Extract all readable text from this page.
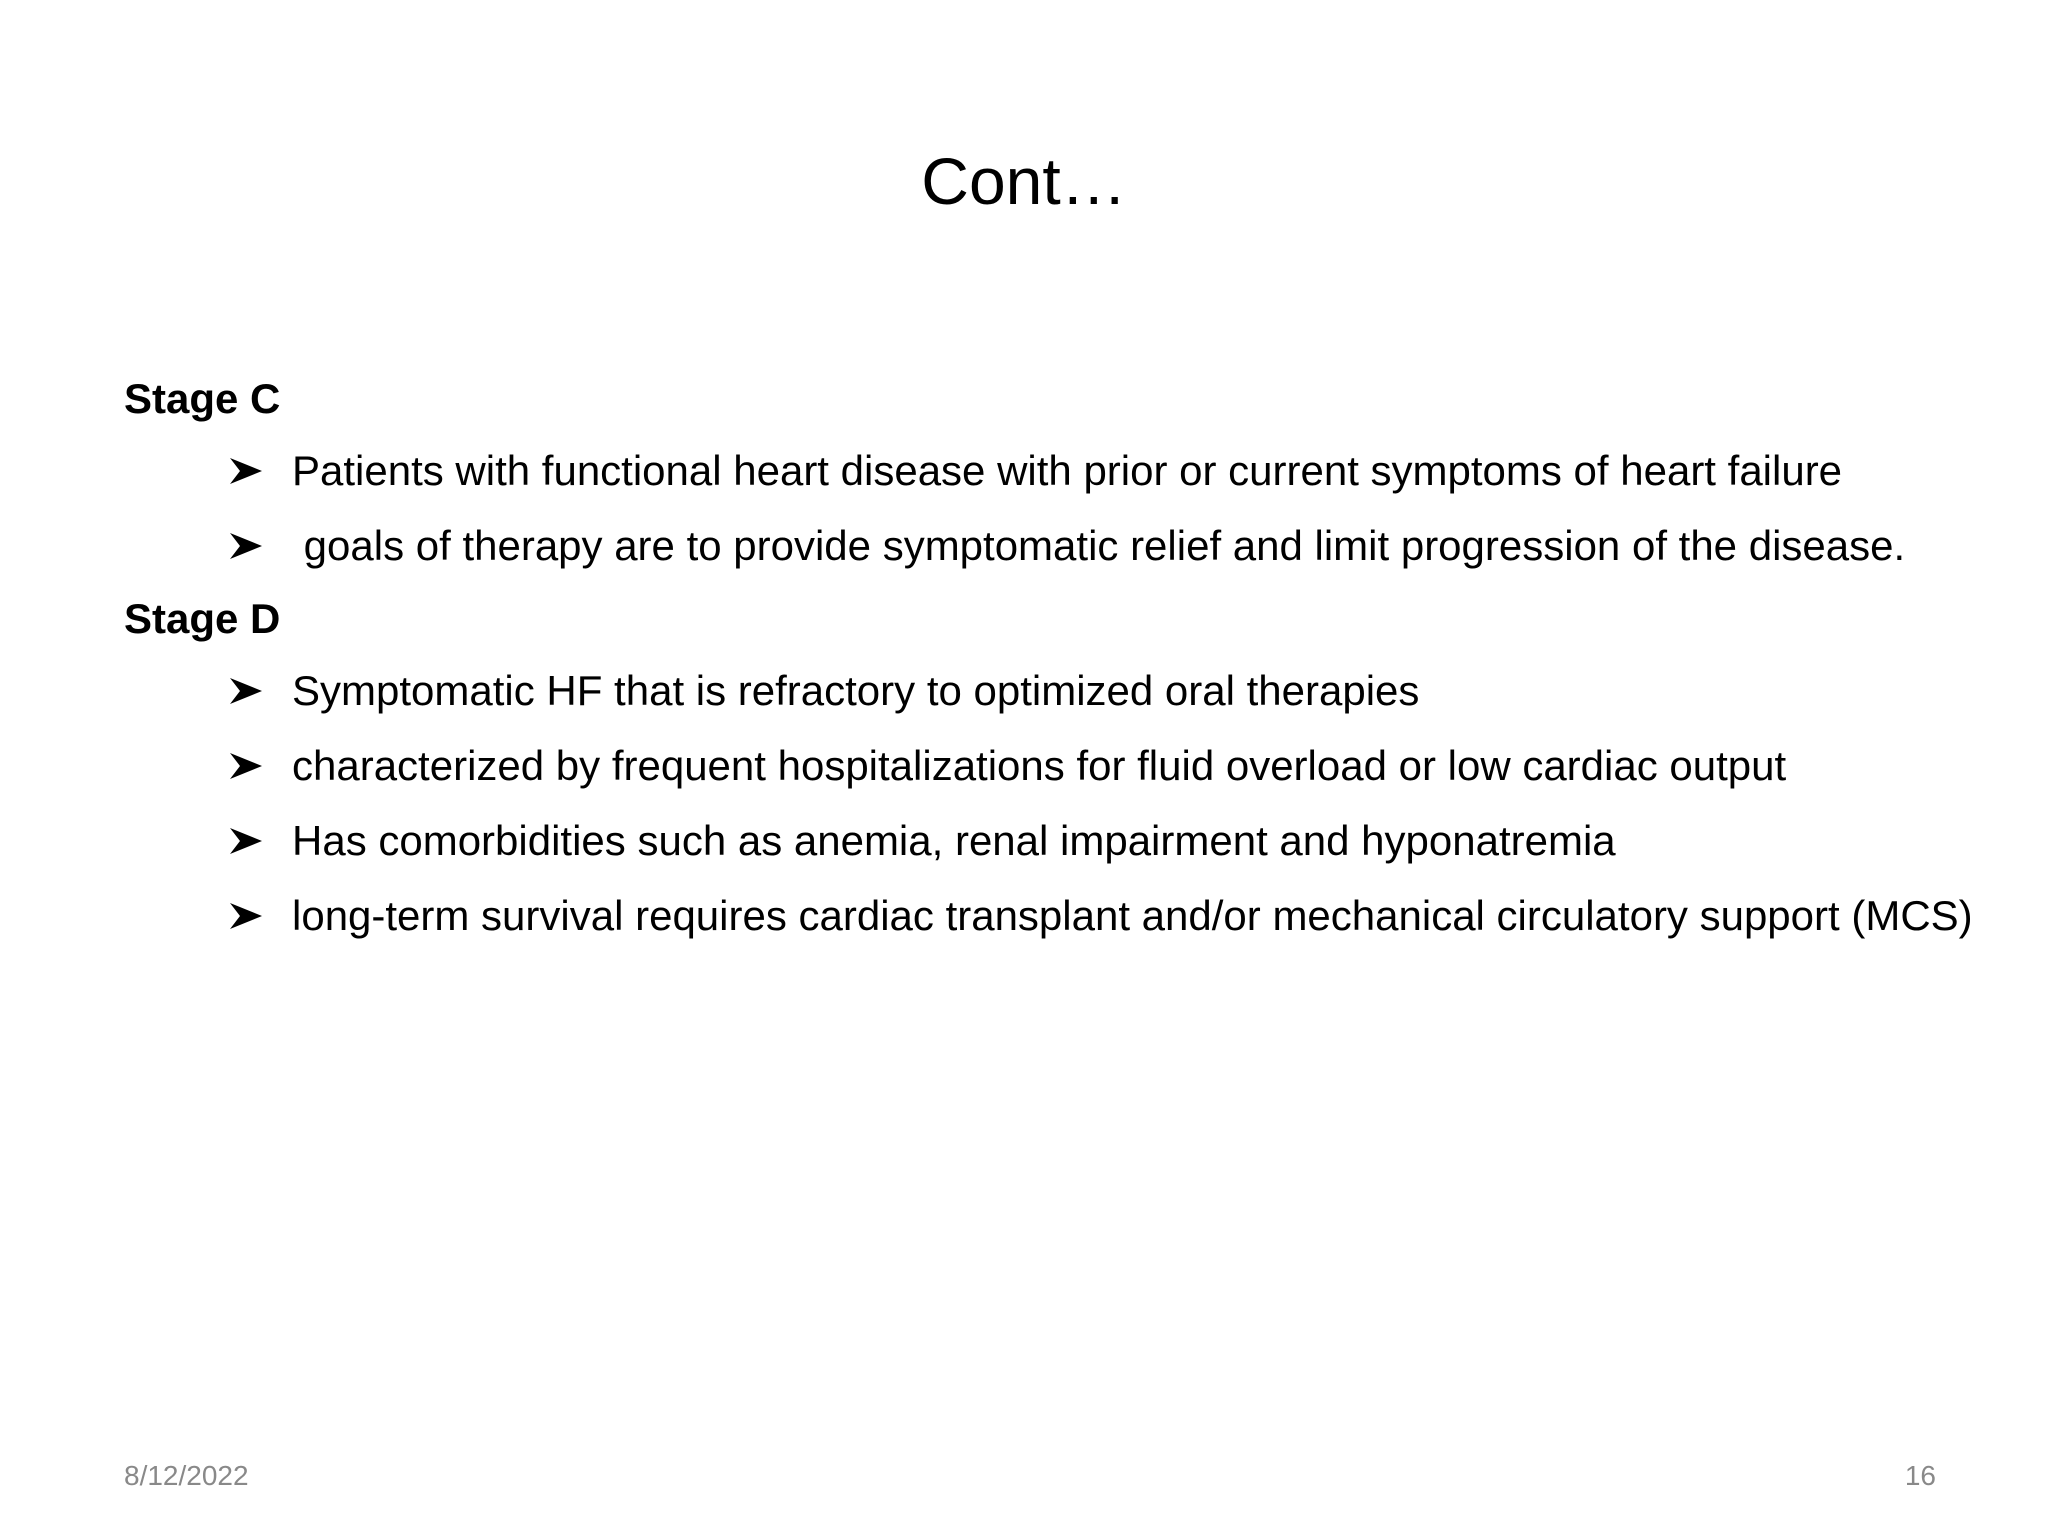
Cont…
Stage C
Patients with functional heart disease with prior or current symptoms of heart failure
goals of therapy are to provide symptomatic relief and limit progression of the disease.
Stage D
Symptomatic HF that is refractory to optimized oral therapies
characterized by frequent hospitalizations for fluid overload or low cardiac output
Has comorbidities such as anemia, renal impairment and hyponatremia
long-term survival requires cardiac transplant and/or mechanical circulatory support (MCS)
8/12/2022	16
